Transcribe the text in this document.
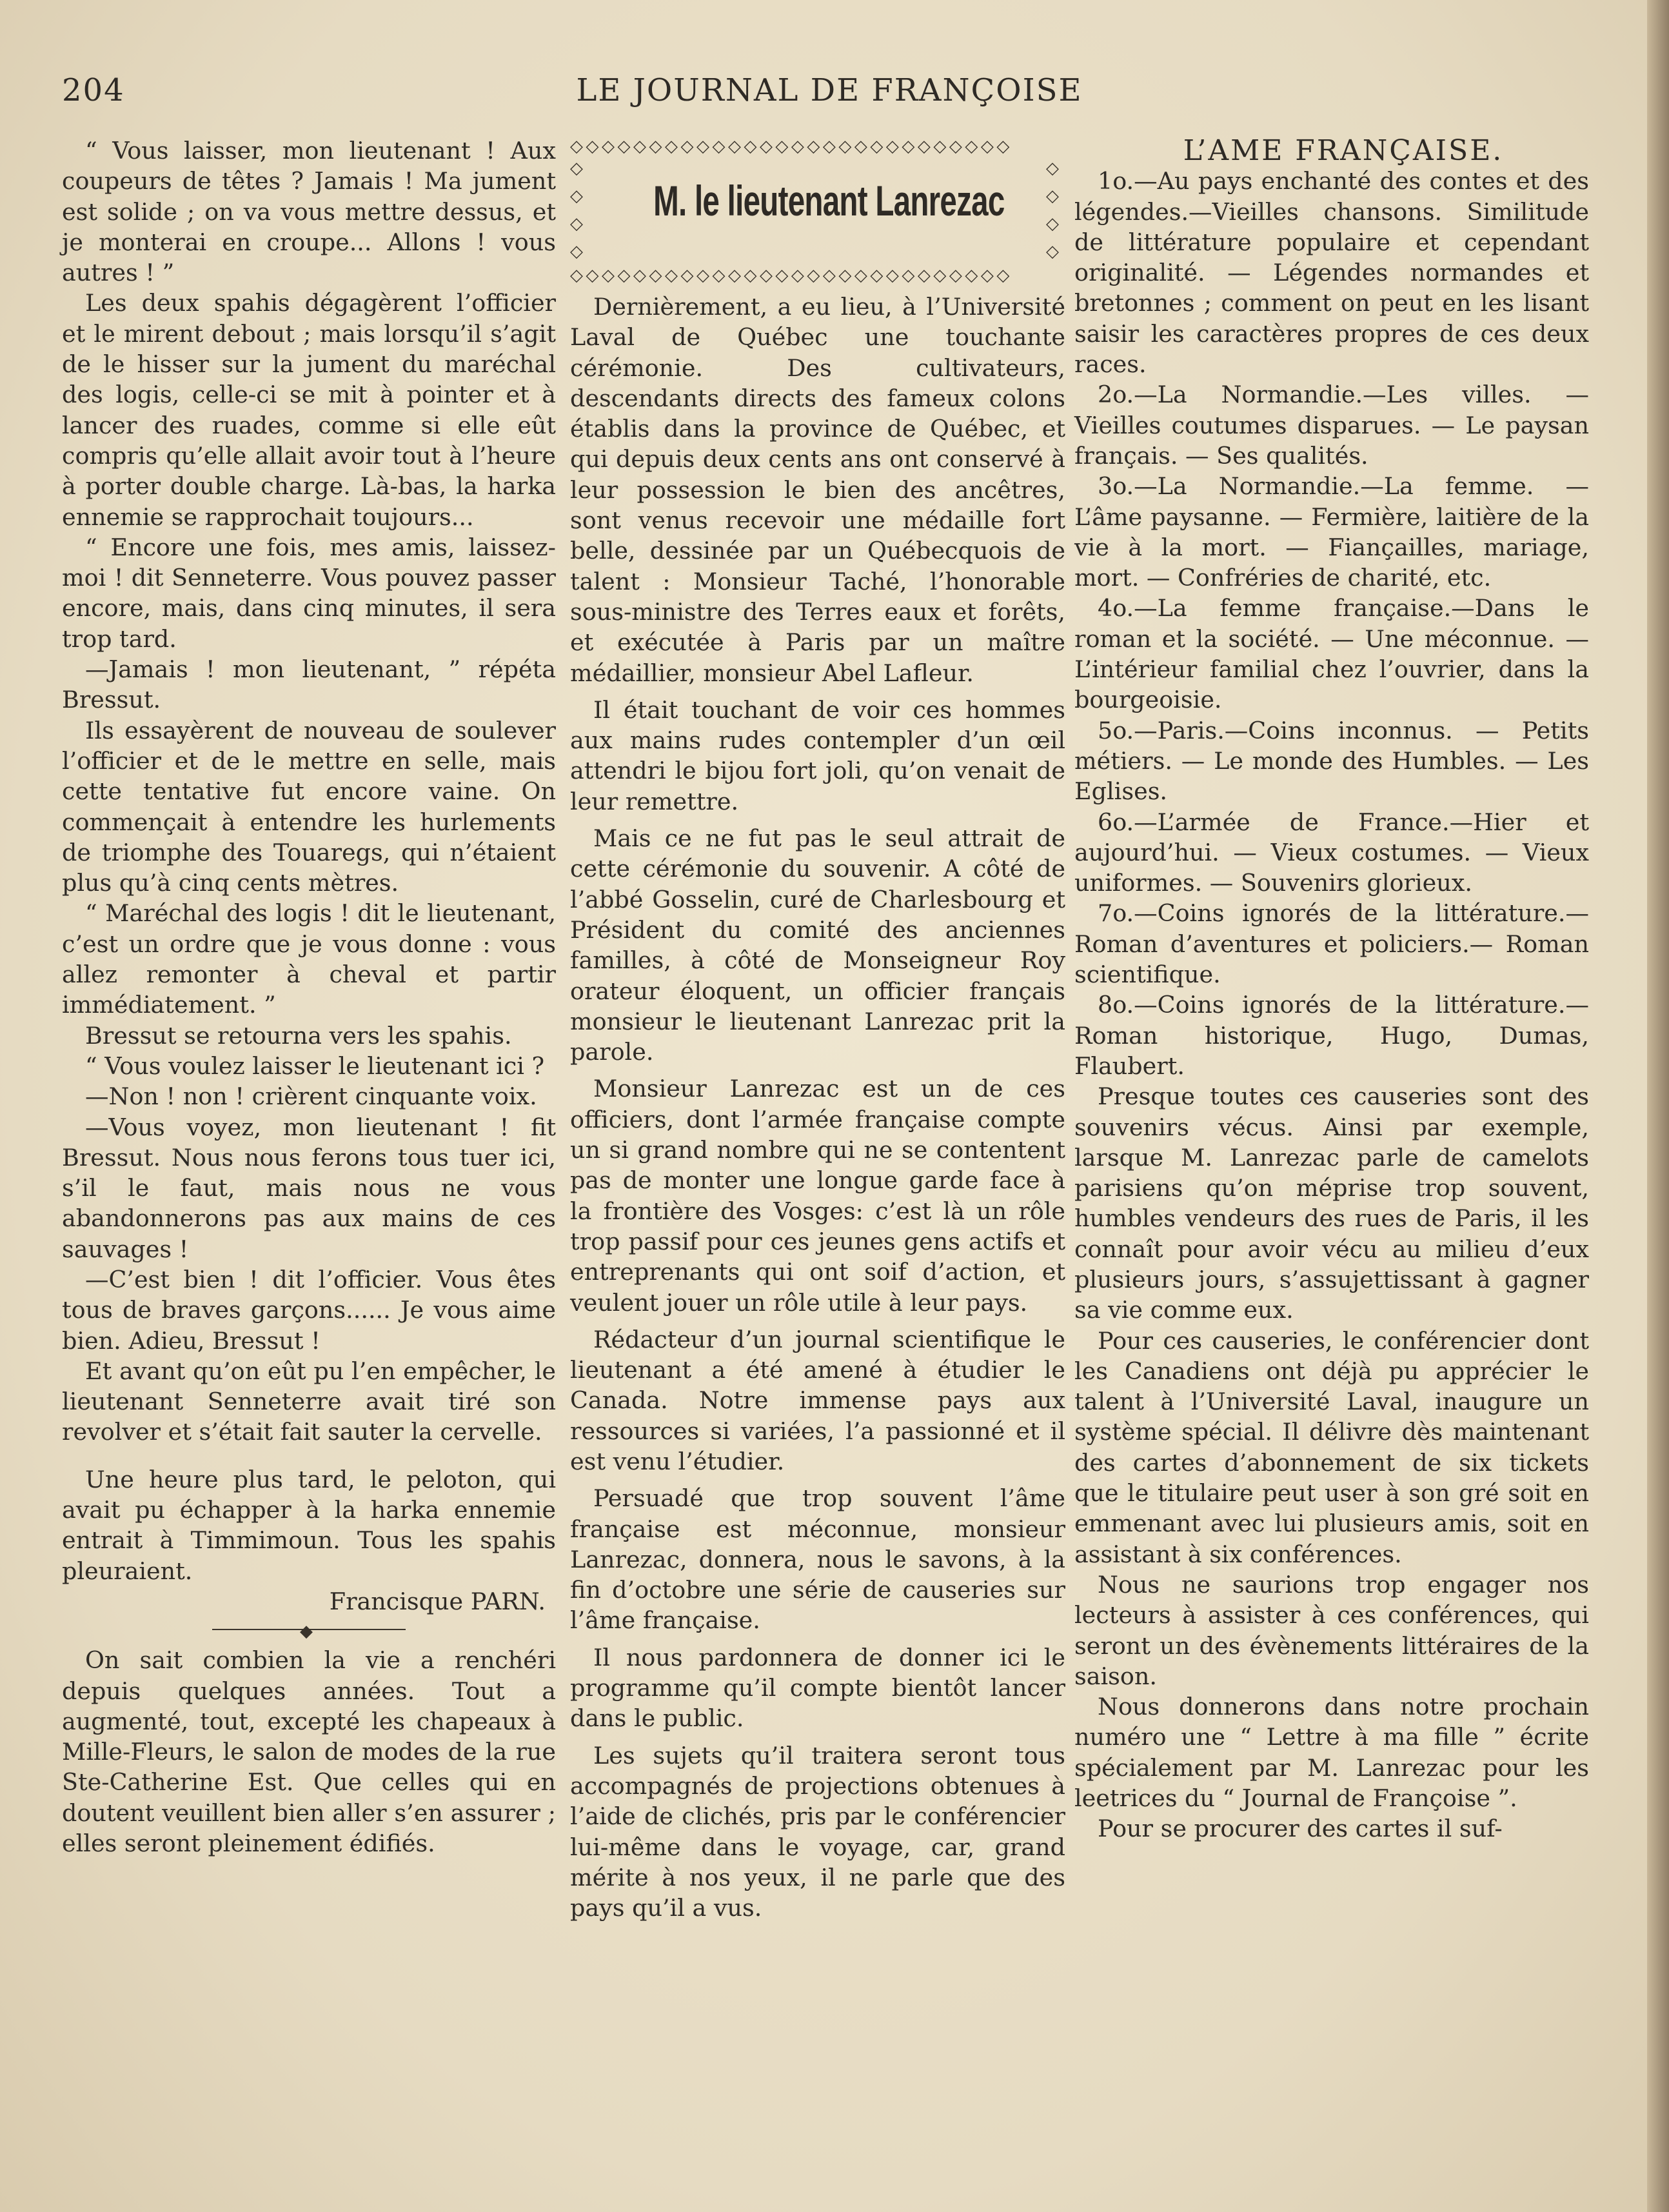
LE JOURNAL DE FRANÇOISE
204

“ Vous laisser, mon lieutenant ! Aux coupeurs de têtes ? Jamais ! Ma jument est solide ; on va vous mettre dessus, et je monterai en croupe... Allons ! vous autres ! ”

Les deux spahis dégagèrent l’officier et le mirent debout ; mais lorsqu’il s’agit de le hisser sur la jument du maréchal des logis, celle-ci se mit à pointer et à lancer des ruades, comme si elle eût compris qu’elle allait avoir tout à l’heure à porter double charge. Là-bas, la harka ennemie se rapprochait toujours...

“ Encore une fois, mes amis, laissez-moi ! dit Senneterre. Vous pouvez passer encore, mais, dans cinq minutes, il sera trop tard.

—Jamais ! mon lieutenant, ” répéta Bressut.

Ils essayèrent de nouveau de soulever l’officier et de le mettre en selle, mais cette tentative fut encore vaine. On commençait à entendre les hurlements de triomphe des Touaregs, qui n’étaient plus qu’à cinq cents mètres.

“ Maréchal des logis ! dit le lieutenant, c’est un ordre que je vous donne : vous allez remonter à cheval et partir immédiatement. ”

Bressut se retourna vers les spahis.

“ Vous voulez laisser le lieutenant ici ?

—Non ! non ! crièrent cinquante voix.

—Vous voyez, mon lieutenant ! fit Bressut. Nous nous ferons tous tuer ici, s’il le faut, mais nous ne vous abandonnerons pas aux mains de ces sauvages !

—C’est bien ! dit l’officier. Vous êtes tous de braves garçons...... Je vous aime bien. Adieu, Bressut !

Et avant qu’on eût pu l’en empêcher, le lieutenant Senneterre avait tiré son revolver et s’était fait sauter la cervelle.

Une heure plus tard, le peloton, qui avait pu échapper à la harka ennemie entrait à Timmimoun. Tous les spahis pleuraient.

Francisque PARN.

◆

On sait combien la vie a renchéri depuis quelques années. Tout a augmenté, tout, excepté les chapeaux à Mille-Fleurs, le salon de modes de la rue Ste-Catherine Est. Que celles qui en doutent veuillent bien aller s’en assurer ; elles seront pleinement édifiés.

◇◇◇◇◇◇◇◇◇◇◇◇◇◇◇◇◇◇◇◇◇◇◇◇◇◇◇◇
◇
◇
◇
◇
M. le lieutenant Lanrezac
◇
◇
◇
◇
◇◇◇◇◇◇◇◇◇◇◇◇◇◇◇◇◇◇◇◇◇◇◇◇◇◇◇◇

Dernièrement, a eu lieu, à l’Université Laval de Québec une touchante cérémonie. Des cultivateurs, descendants directs des fameux colons établis dans la province de Québec, et qui depuis deux cents ans ont conservé à leur possession le bien des ancêtres, sont venus recevoir une médaille fort belle, dessinée par un Québecquois de talent : Monsieur Taché, l’honorable sous-ministre des Terres eaux et forêts, et exécutée à Paris par un maître médaillier, monsieur Abel Lafleur.

Il était touchant de voir ces hommes aux mains rudes contempler d’un œil attendri le bijou fort joli, qu’on venait de leur remettre.

Mais ce ne fut pas le seul attrait de cette cérémonie du souvenir. A côté de l’abbé Gosselin, curé de Charlesbourg et Président du comité des anciennes familles, à côté de Monseigneur Roy orateur éloquent, un officier français monsieur le lieutenant Lanrezac prit la parole.

Monsieur Lanrezac est un de ces officiers, dont l’armée française compte un si grand nombre qui ne se contentent pas de monter une longue garde face à la frontière des Vosges: c’est là un rôle trop passif pour ces jeunes gens actifs et entreprenants qui ont soif d’action, et veulent jouer un rôle utile à leur pays.

Rédacteur d’un journal scientifique le lieutenant a été amené à étudier le Canada. Notre immense pays aux ressources si variées, l’a passionné et il est venu l’étudier.

Persuadé que trop souvent l’âme française est méconnue, monsieur Lanrezac, donnera, nous le savons, à la fin d’octobre une série de causeries sur l’âme française.

Il nous pardonnera de donner ici le programme qu’il compte bientôt lancer dans le public.

Les sujets qu’il traitera seront tous accompagnés de projections obtenues à l’aide de clichés, pris par le conférencier lui-même dans le voyage, car, grand mérite à nos yeux, il ne parle que des pays qu’il a vus.

L’AME FRANÇAISE.

1o.—Au pays enchanté des contes et des légendes.—Vieilles chansons. Similitude de littérature populaire et cependant originalité. — Légendes normandes et bretonnes ; comment on peut en les lisant saisir les caractères propres de ces deux races.

2o.—La Normandie.—Les villes. — Vieilles coutumes disparues. — Le paysan français. — Ses qualités.

3o.—La Normandie.—La femme. — L’âme paysanne. — Fermière, laitière de la vie à la mort. — Fiançailles, mariage, mort. — Confréries de charité, etc.

4o.—La femme française.—Dans le roman et la société. — Une méconnue. — L’intérieur familial chez l’ouvrier, dans la bourgeoisie.

5o.—Paris.—Coins inconnus. — Petits métiers. — Le monde des Humbles. — Les Eglises.

6o.—L’armée de France.—Hier et aujourd’hui. — Vieux costumes. — Vieux uniformes. — Souvenirs glorieux.

7o.—Coins ignorés de la littérature.—Roman d’aventures et policiers.— Roman scientifique.

8o.—Coins ignorés de la littérature.—Roman historique, Hugo, Dumas, Flaubert.

Presque toutes ces causeries sont des souvenirs vécus. Ainsi par exemple, larsque M. Lanrezac parle de camelots parisiens qu’on méprise trop souvent, humbles vendeurs des rues de Paris, il les connaît pour avoir vécu au milieu d’eux plusieurs jours, s’assujettissant à gagner sa vie comme eux.

Pour ces causeries, le conférencier dont les Canadiens ont déjà pu apprécier le talent à l’Université Laval, inaugure un système spécial. Il délivre dès maintenant des cartes d’abonnement de six tickets que le titulaire peut user à son gré soit en emmenant avec lui plusieurs amis, soit en assistant à six conférences.

Nous ne saurions trop engager nos lecteurs à assister à ces conférences, qui seront un des évènements littéraires de la saison.

Nous donnerons dans notre prochain numéro une “ Lettre à ma fille ” écrite spécialement par M. Lanrezac pour les leetrices du “ Journal de Françoise ”.

Pour se procurer des cartes il suf-
